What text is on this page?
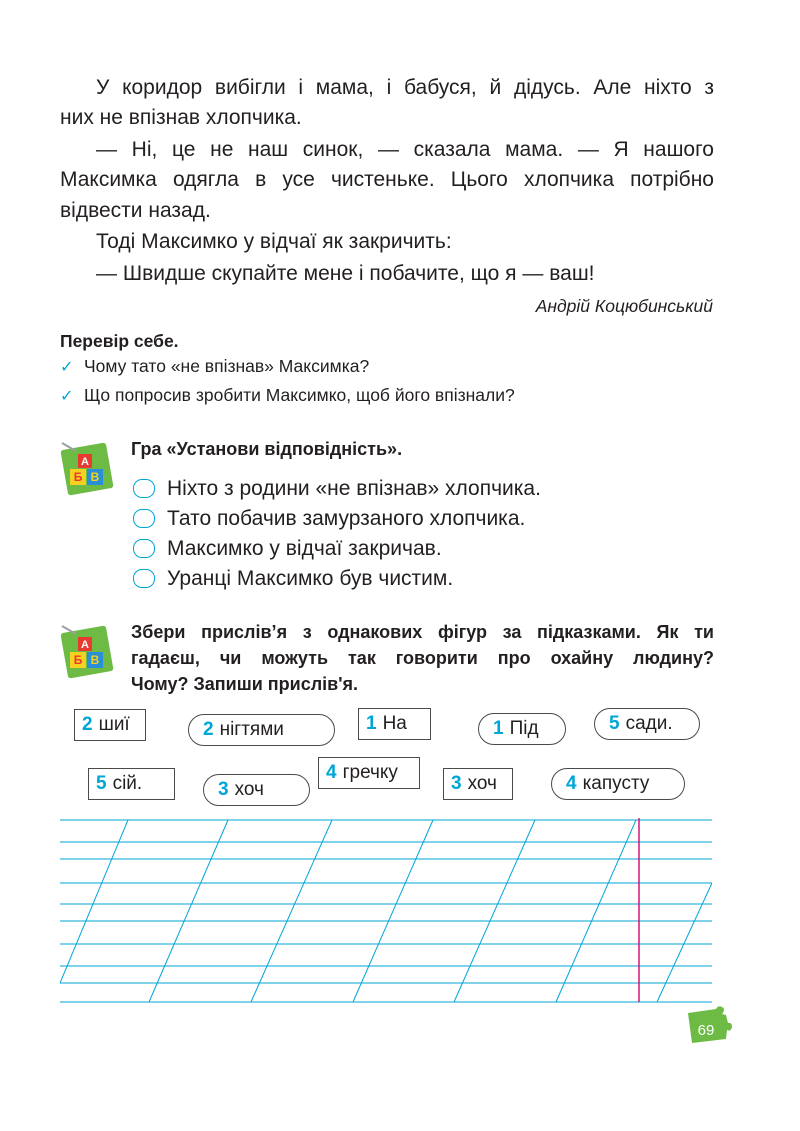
У коридор вибігли і мама, і бабуся, й дідусь. Але ніхто з

них не впізнав хлопчика.

— Ні, це не наш синок, — сказала мама. — Я нашого

Максимка одягла в усе чистеньке. Цього хлопчика потрібно

відвести назад.

Тоді Максимко у відчаї як закричить:

— Швидше скупайте мене і побачите, що я — ваш!

Андрій Коцюбинський
Перевір себе.
✓ Чому тато «не впізнав» Максимка?
✓ Що попросив зробити Максимко, щоб його впізнали?
А
Б В
Гра «Установи відповідність».
Ніхто з родини «не впізнав» хлопчика.
Тато побачив замурзаного хлопчика.
Максимко у відчаї закричав.
Уранці Максимко був чистим.
А
Б В
Збери прислів’я з однакових фігур за підказками. Як ти
гадаєш, чи можуть так говорити про охайну людину?
Чому? Запиши прислів'я.
2 шиї	2 нігтями	1 На	1 Під	5 сади.
5 сій.	3 хоч
4 гречку
3 хоч	4 капусту
69
